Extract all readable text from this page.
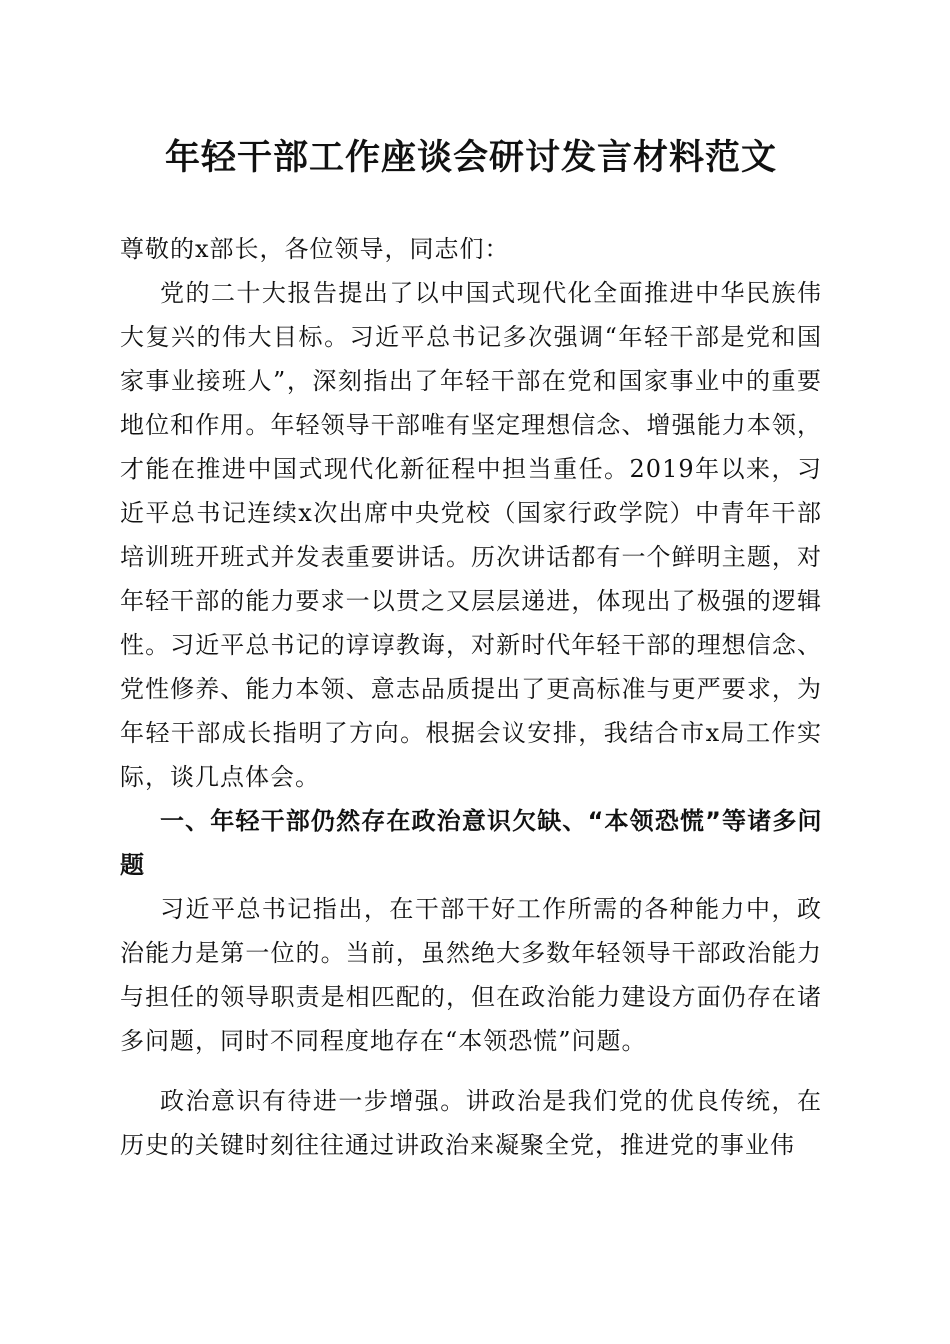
年轻干部工作座谈会研讨发言材料范文

尊敬的x部长，各位领导，同志们：

党的二十大报告提出了以中国式现代化全面推进中华民族伟大复兴的伟大目标。习近平总书记多次强调“年轻干部是党和国家事业接班人”，深刻指出了年轻干部在党和国家事业中的重要地位和作用。年轻领导干部唯有坚定理想信念、增强能力本领，才能在推进中国式现代化新征程中担当重任。2019年以来，习近平总书记连续x次出席中央党校（国家行政学院）中青年干部培训班开班式并发表重要讲话。历次讲话都有一个鲜明主题，对年轻干部的能力要求一以贯之又层层递进，体现出了极强的逻辑性。习近平总书记的谆谆教诲，对新时代年轻干部的理想信念、党性修养、能力本领、意志品质提出了更高标准与更严要求，为年轻干部成长指明了方向。根据会议安排，我结合市x局工作实际，谈几点体会。

一、年轻干部仍然存在政治意识欠缺、“本领恐慌”等诸多问题

习近平总书记指出，在干部干好工作所需的各种能力中，政治能力是第一位的。当前，虽然绝大多数年轻领导干部政治能力与担任的领导职责是相匹配的，但在政治能力建设方面仍存在诸多问题，同时不同程度地存在“本领恐慌”问题。

政治意识有待进一步增强。讲政治是我们党的优良传统，在历史的关键时刻往往通过讲政治来凝聚全党，推进党的事业伟
